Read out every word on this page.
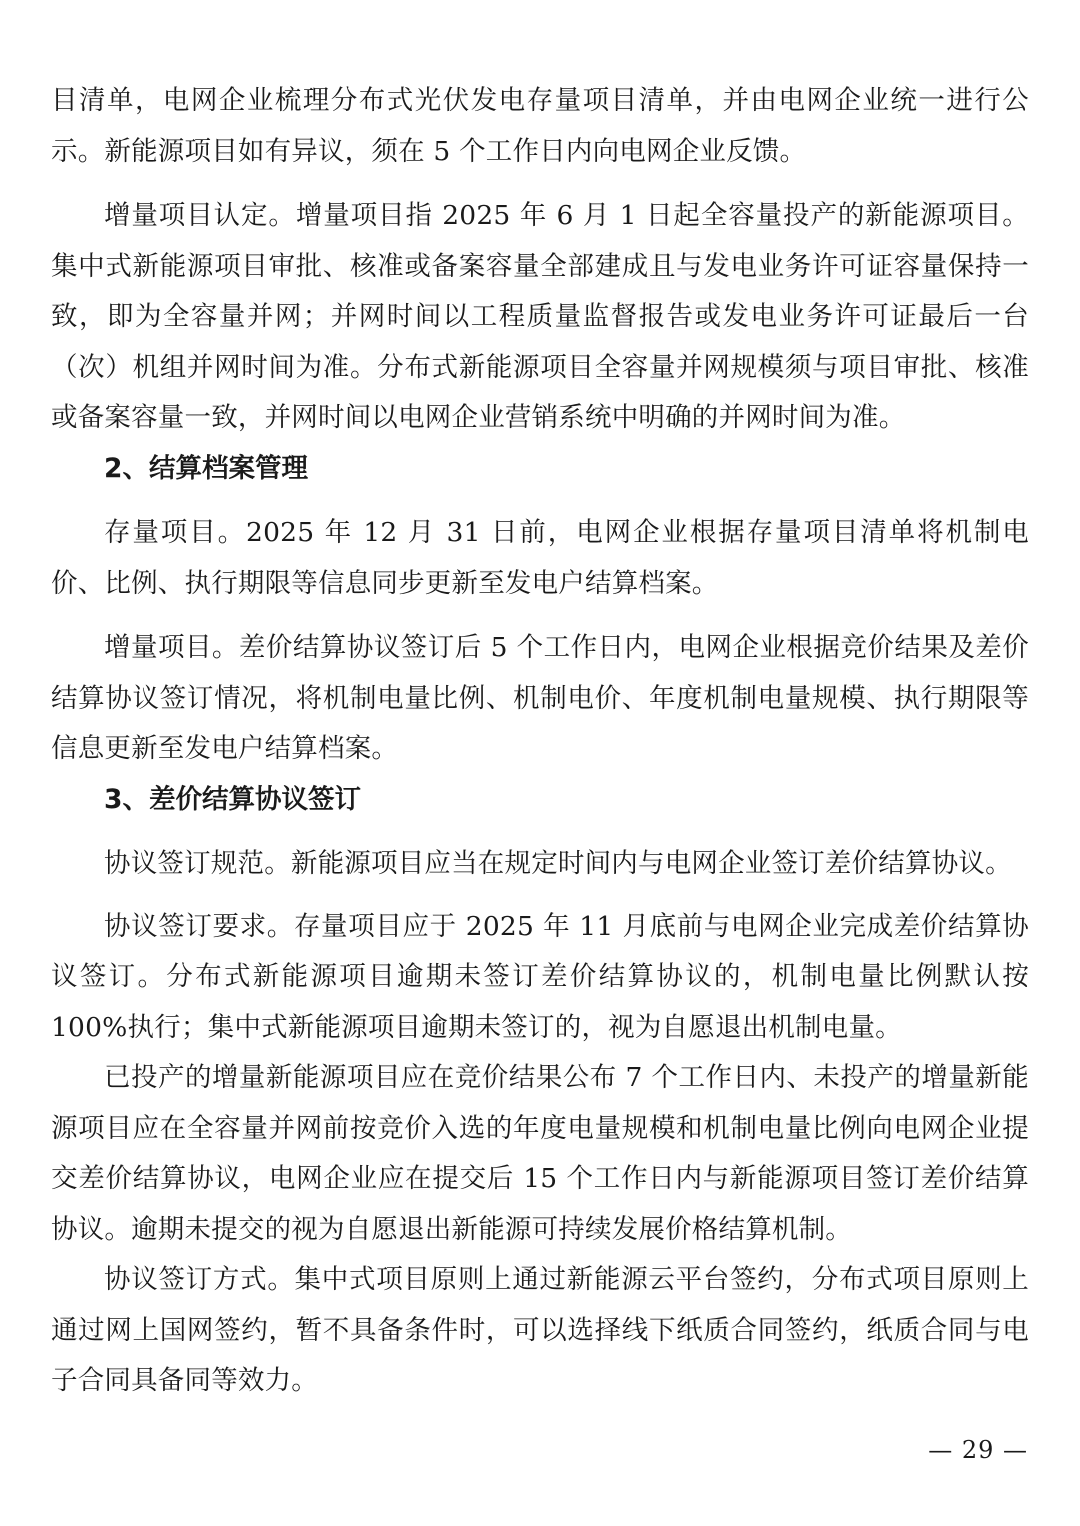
目清单，电网企业梳理分布式光伏发电存量项目清单，并由电网企业统一进行公示。新能源项目如有异议，须在 5 个工作日内向电网企业反馈。

增量项目认定。增量项目指 2025 年 6 月 1 日起全容量投产的新能源项目。集中式新能源项目审批、核准或备案容量全部建成且与发电业务许可证容量保持一致，即为全容量并网；并网时间以工程质量监督报告或发电业务许可证最后一台（次）机组并网时间为准。分布式新能源项目全容量并网规模须与项目审批、核准或备案容量一致，并网时间以电网企业营销系统中明确的并网时间为准。

2、结算档案管理

存量项目。2025 年 12 月 31 日前，电网企业根据存量项目清单将机制电价、比例、执行期限等信息同步更新至发电户结算档案。

增量项目。差价结算协议签订后 5 个工作日内，电网企业根据竞价结果及差价结算协议签订情况，将机制电量比例、机制电价、年度机制电量规模、执行期限等信息更新至发电户结算档案。

3、差价结算协议签订

协议签订规范。新能源项目应当在规定时间内与电网企业签订差价结算协议。

协议签订要求。存量项目应于 2025 年 11 月底前与电网企业完成差价结算协议签订。分布式新能源项目逾期未签订差价结算协议的，机制电量比例默认按 100%执行；集中式新能源项目逾期未签订的，视为自愿退出机制电量。

已投产的增量新能源项目应在竞价结果公布 7 个工作日内、未投产的增量新能源项目应在全容量并网前按竞价入选的年度电量规模和机制电量比例向电网企业提交差价结算协议，电网企业应在提交后 15 个工作日内与新能源项目签订差价结算协议。逾期未提交的视为自愿退出新能源可持续发展价格结算机制。

协议签订方式。集中式项目原则上通过新能源云平台签约，分布式项目原则上通过网上国网签约，暂不具备条件时，可以选择线下纸质合同签约，纸质合同与电子合同具备同等效力。

— 29 —
